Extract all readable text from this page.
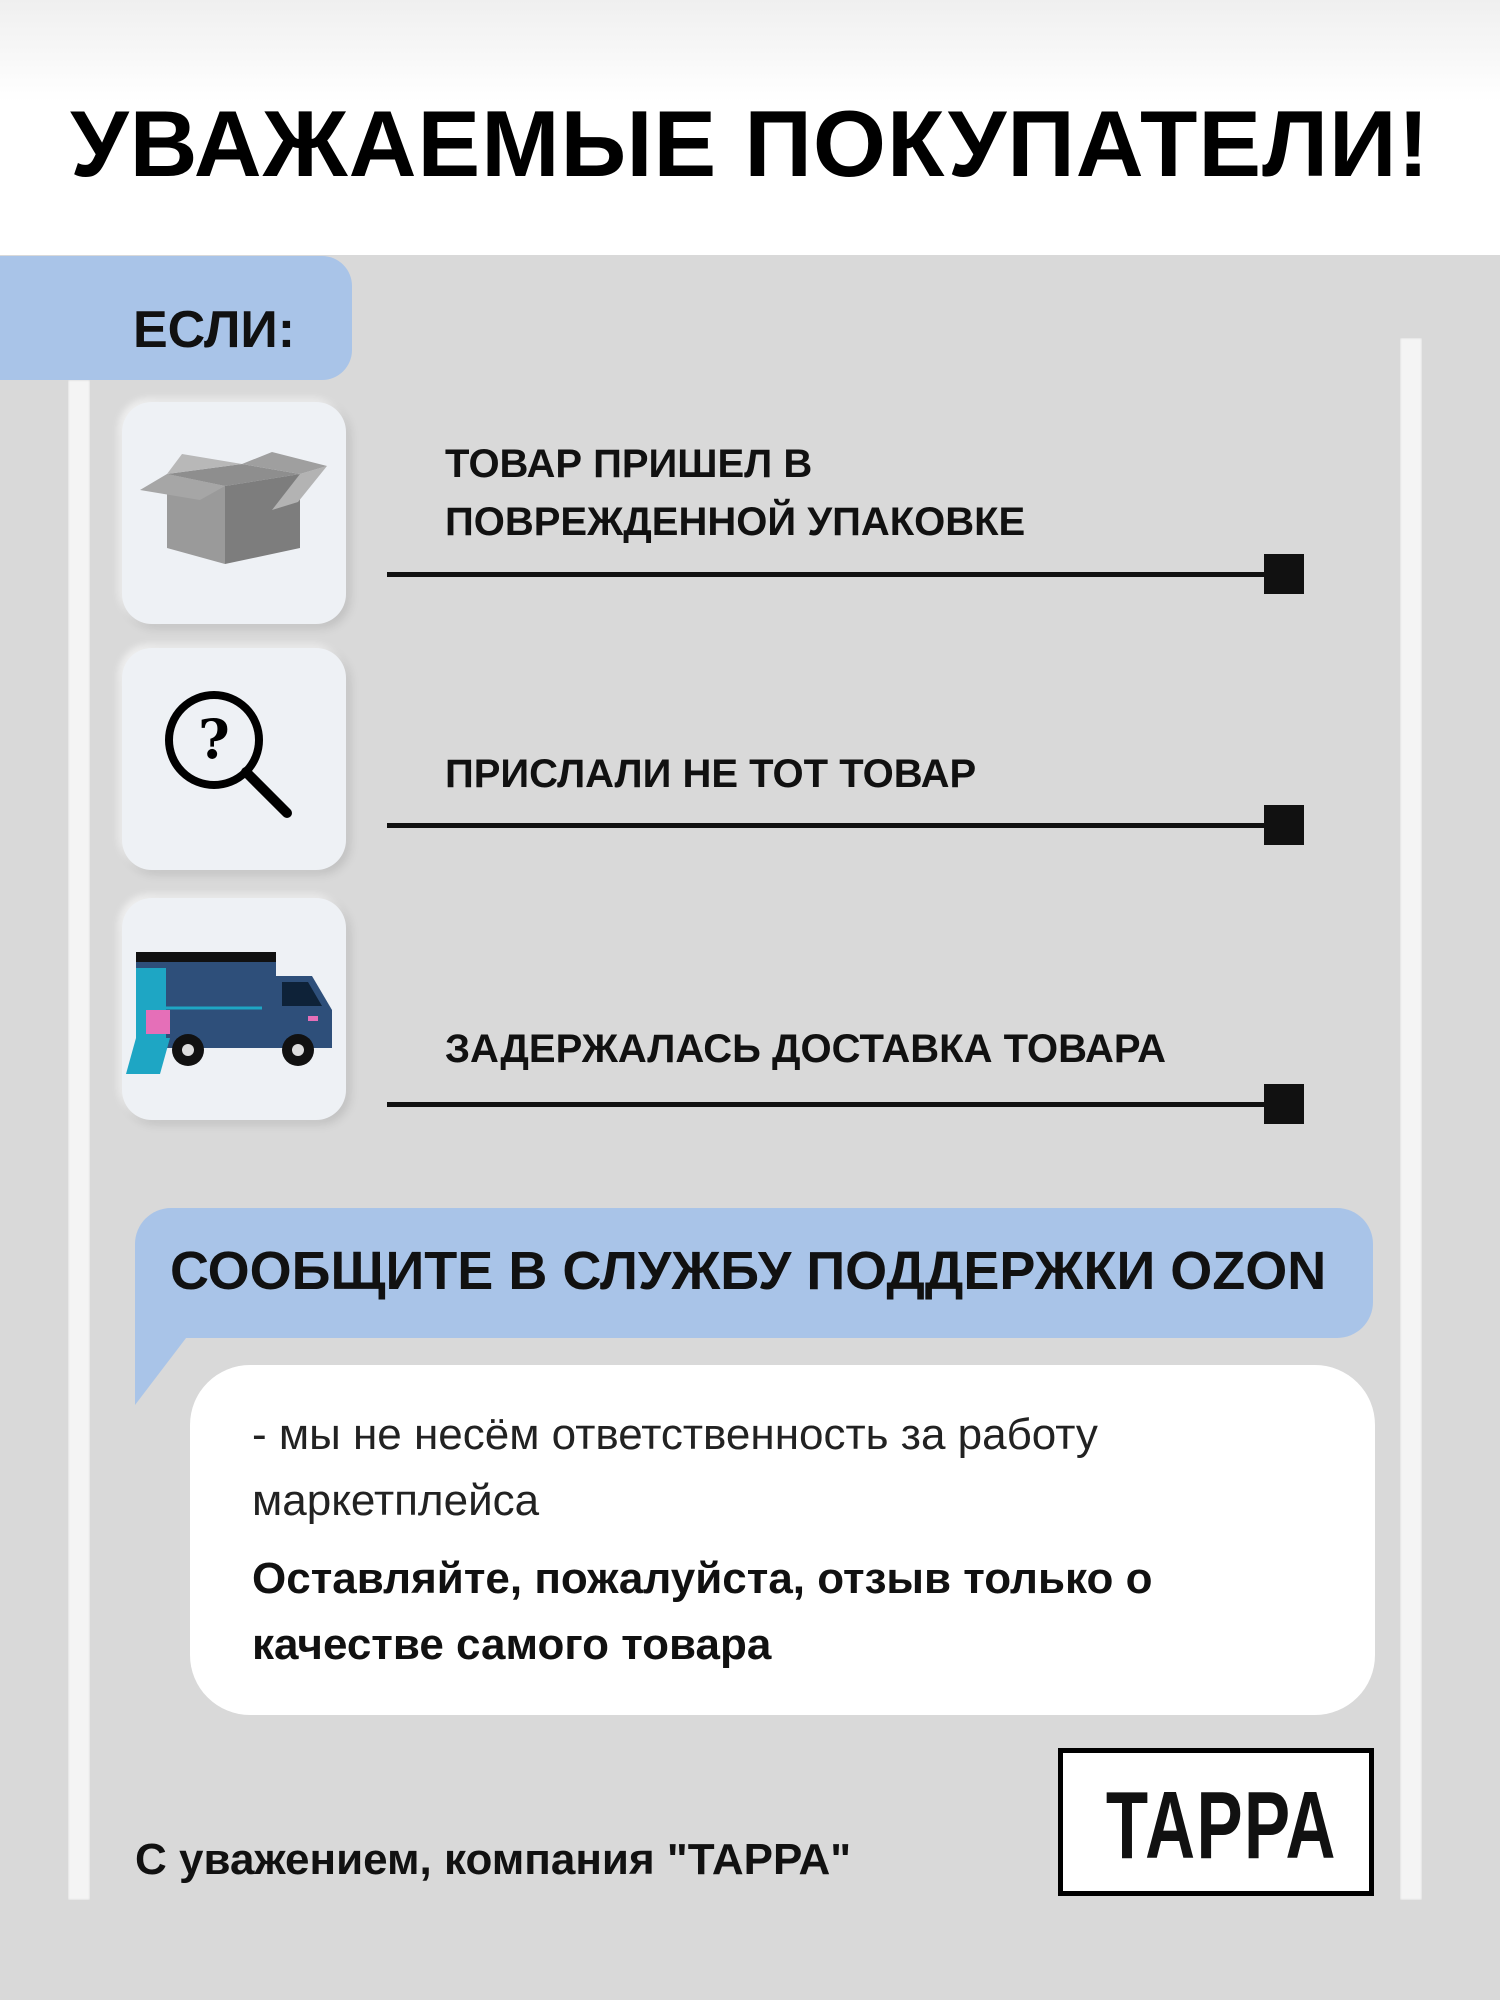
УВАЖАЕМЫЕ ПОКУПАТЕЛИ!
ЕСЛИ:
?
ТОВАР ПРИШЕЛ В ПОВРЕЖДЕННОЙ УПАКОВКЕ
ПРИСЛАЛИ НЕ ТОТ ТОВАР
ЗАДЕРЖАЛАСЬ ДОСТАВКА ТОВАРА
СООБЩИТЕ В СЛУЖБУ ПОДДЕРЖКИ OZON
- мы не несём ответственность за работу маркетплейса
Оставляйте, пожалуйста, отзыв только о качестве самого товара
С уважением, компания "ТАРРА"	ТАРРА
